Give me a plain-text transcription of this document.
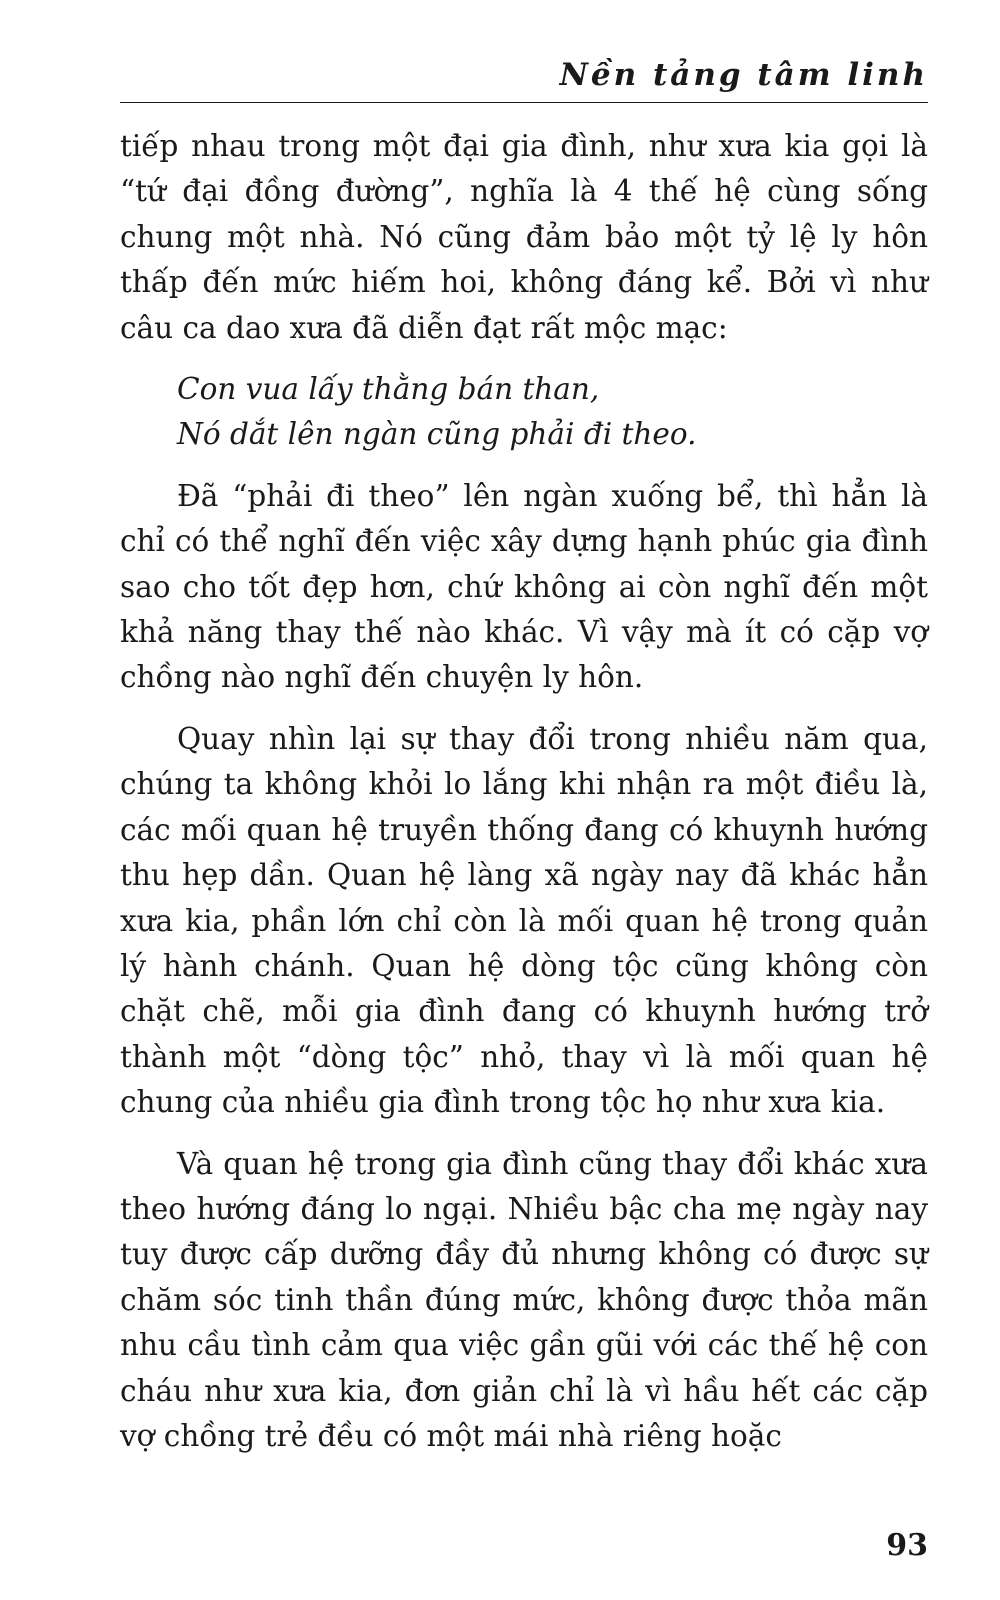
Nền tảng tâm linh

tiếp nhau trong một đại gia đình, như xưa kia gọi là “tứ đại đồng đường”, nghĩa là 4 thế hệ cùng sống chung một nhà. Nó cũng đảm bảo một tỷ lệ ly hôn thấp đến mức hiếm hoi, không đáng kể. Bởi vì như câu ca dao xưa đã diễn đạt rất mộc mạc:

Con vua lấy thằng bán than,
Nó dắt lên ngàn cũng phải đi theo.

Đã “phải đi theo” lên ngàn xuống bể, thì hẳn là chỉ có thể nghĩ đến việc xây dựng hạnh phúc gia đình sao cho tốt đẹp hơn, chứ không ai còn nghĩ đến một khả năng thay thế nào khác. Vì vậy mà ít có cặp vợ chồng nào nghĩ đến chuyện ly hôn.

Quay nhìn lại sự thay đổi trong nhiều năm qua, chúng ta không khỏi lo lắng khi nhận ra một điều là, các mối quan hệ truyền thống đang có khuynh hướng thu hẹp dần. Quan hệ làng xã ngày nay đã khác hẳn xưa kia, phần lớn chỉ còn là mối quan hệ trong quản lý hành chánh. Quan hệ dòng tộc cũng không còn chặt chẽ, mỗi gia đình đang có khuynh hướng trở thành một “dòng tộc” nhỏ, thay vì là mối quan hệ chung của nhiều gia đình trong tộc họ như xưa kia.

Và quan hệ trong gia đình cũng thay đổi khác xưa theo hướng đáng lo ngại. Nhiều bậc cha mẹ ngày nay tuy được cấp dưỡng đầy đủ nhưng không có được sự chăm sóc tinh thần đúng mức, không được thỏa mãn nhu cầu tình cảm qua việc gần gũi với các thế hệ con cháu như xưa kia, đơn giản chỉ là vì hầu hết các cặp vợ chồng trẻ đều có một mái nhà riêng hoặc

93
